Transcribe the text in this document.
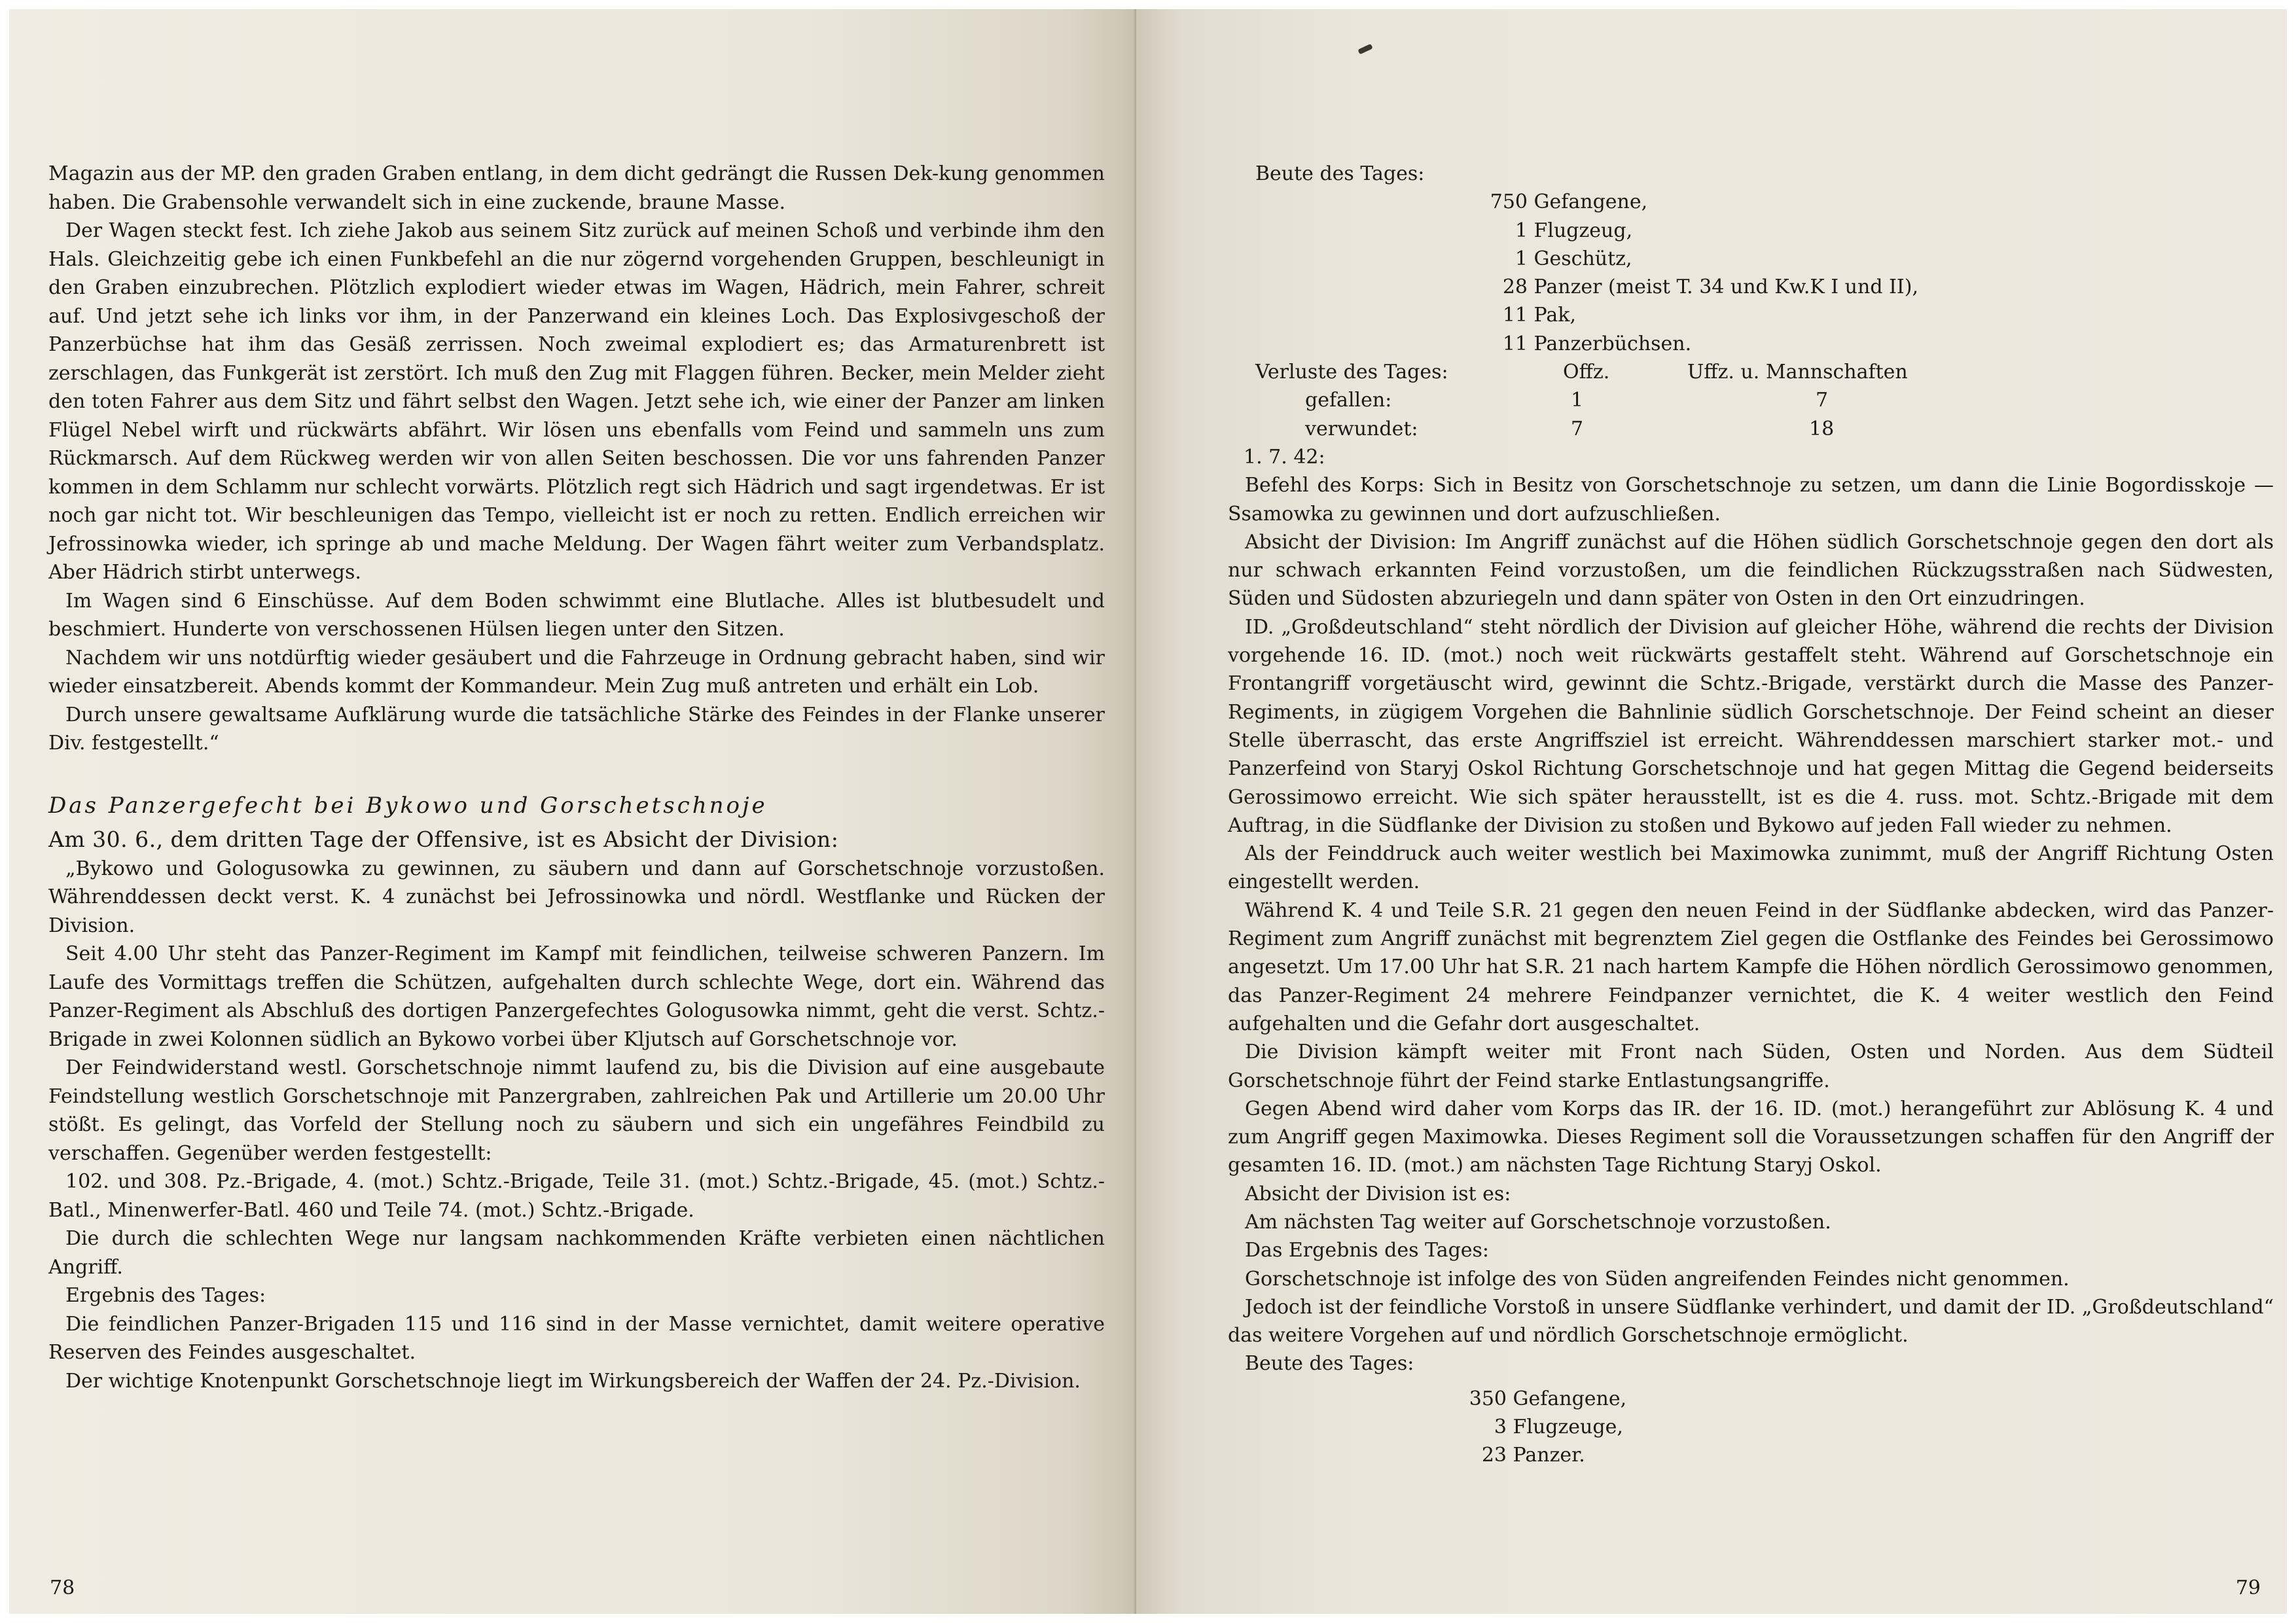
Magazin aus der MP. den graden Graben entlang, in dem dicht gedrängt die Russen Dek-kung genommen haben. Die Grabensohle verwandelt sich in eine zuckende, braune Masse.

Der Wagen steckt fest. Ich ziehe Jakob aus seinem Sitz zurück auf meinen Schoß und verbinde ihm den Hals. Gleichzeitig gebe ich einen Funkbefehl an die nur zögernd vorgehenden Gruppen, beschleunigt in den Graben einzubrechen. Plötzlich explodiert wieder etwas im Wagen, Hädrich, mein Fahrer, schreit auf. Und jetzt sehe ich links vor ihm, in der Panzerwand ein kleines Loch. Das Explosivgeschoß der Panzerbüchse hat ihm das Gesäß zerrissen. Noch zweimal explodiert es; das Armaturenbrett ist zerschlagen, das Funkgerät ist zerstört. Ich muß den Zug mit Flaggen führen. Becker, mein Melder zieht den toten Fahrer aus dem Sitz und fährt selbst den Wagen. Jetzt sehe ich, wie einer der Panzer am linken Flügel Nebel wirft und rückwärts abfährt. Wir lösen uns ebenfalls vom Feind und sammeln uns zum Rückmarsch. Auf dem Rückweg werden wir von allen Seiten beschossen. Die vor uns fahrenden Panzer kommen in dem Schlamm nur schlecht vorwärts. Plötzlich regt sich Hädrich und sagt irgendetwas. Er ist noch gar nicht tot. Wir beschleunigen das Tempo, vielleicht ist er noch zu retten. Endlich erreichen wir Jefrossinowka wieder, ich springe ab und mache Meldung. Der Wagen fährt weiter zum Verbandsplatz. Aber Hädrich stirbt unterwegs.

Im Wagen sind 6 Einschüsse. Auf dem Boden schwimmt eine Blutlache. Alles ist blutbesudelt und beschmiert. Hunderte von verschossenen Hülsen liegen unter den Sitzen.

Nachdem wir uns notdürftig wieder gesäubert und die Fahrzeuge in Ordnung gebracht haben, sind wir wieder einsatzbereit. Abends kommt der Kommandeur. Mein Zug muß antreten und erhält ein Lob.

Durch unsere gewaltsame Aufklärung wurde die tatsächliche Stärke des Feindes in der Flanke unserer Div. festgestellt.“

Das Panzergefecht bei Bykowo und Gorschetschnoje

Am 30. 6., dem dritten Tage der Offensive, ist es Absicht der Division:

„Bykowo und Gologusowka zu gewinnen, zu säubern und dann auf Gorschetschnoje vorzustoßen. Währenddessen deckt verst. K. 4 zunächst bei Jefrossinowka und nördl. Westflanke und Rücken der Division.

Seit 4.00 Uhr steht das Panzer-Regiment im Kampf mit feindlichen, teilweise schweren Panzern. Im Laufe des Vormittags treffen die Schützen, aufgehalten durch schlechte Wege, dort ein. Während das Panzer-Regiment als Abschluß des dortigen Panzergefechtes Gologusowka nimmt, geht die verst. Schtz.-Brigade in zwei Kolonnen südlich an Bykowo vorbei über Kljutsch auf Gorschetschnoje vor.

Der Feindwiderstand westl. Gorschetschnoje nimmt laufend zu, bis die Division auf eine ausgebaute Feindstellung westlich Gorschetschnoje mit Panzergraben, zahlreichen Pak und Artillerie um 20.00 Uhr stößt. Es gelingt, das Vorfeld der Stellung noch zu säubern und sich ein ungefähres Feindbild zu verschaffen. Gegenüber werden festgestellt:

102. und 308. Pz.-Brigade, 4. (mot.) Schtz.-Brigade, Teile 31. (mot.) Schtz.-Brigade, 45. (mot.) Schtz.-Batl., Minenwerfer-Batl. 460 und Teile 74. (mot.) Schtz.-Brigade.

Die durch die schlechten Wege nur langsam nachkommenden Kräfte verbieten einen nächtlichen Angriff.

Ergebnis des Tages:

Die feindlichen Panzer-Brigaden 115 und 116 sind in der Masse vernichtet, damit weitere operative Reserven des Feindes ausgeschaltet.

Der wichtige Knotenpunkt Gorschetschnoje liegt im Wirkungsbereich der Waffen der 24. Pz.-Division.

78

Beute des Tages:

750
Gefangene,
1
Flugzeug,
1
Geschütz,
28
Panzer (meist T. 34 und Kw.K I und II),
11
Pak,
11
Panzerbüchsen.
Verluste des Tages:	Offz.	Uffz. u. Mannschaften
gefallen:	1	7
verwundet:	7	18

1. 7. 42:

Befehl des Korps: Sich in Besitz von Gorschetschnoje zu setzen, um dann die Linie Bogordisskoje — Ssamowka zu gewinnen und dort aufzuschließen.

Absicht der Division: Im Angriff zunächst auf die Höhen südlich Gorschetschnoje gegen den dort als nur schwach erkannten Feind vorzustoßen, um die feindlichen Rückzugsstraßen nach Südwesten, Süden und Südosten abzuriegeln und dann später von Osten in den Ort einzudringen.

ID. „Großdeutschland“ steht nördlich der Division auf gleicher Höhe, während die rechts der Division vorgehende 16. ID. (mot.) noch weit rückwärts gestaffelt steht. Während auf Gorschetschnoje ein Frontangriff vorgetäuscht wird, gewinnt die Schtz.-Brigade, verstärkt durch die Masse des Panzer-Regiments, in zügigem Vorgehen die Bahnlinie südlich Gorschetschnoje. Der Feind scheint an dieser Stelle überrascht, das erste Angriffsziel ist erreicht. Währenddessen marschiert starker mot.- und Panzerfeind von Staryj Oskol Richtung Gorschetschnoje und hat gegen Mittag die Gegend beiderseits Gerossimowo erreicht. Wie sich später herausstellt, ist es die 4. russ. mot. Schtz.-Brigade mit dem Auftrag, in die Südflanke der Division zu stoßen und Bykowo auf jeden Fall wieder zu nehmen.

Als der Feinddruck auch weiter westlich bei Maximowka zunimmt, muß der Angriff Richtung Osten eingestellt werden.

Während K. 4 und Teile S.R. 21 gegen den neuen Feind in der Südflanke abdecken, wird das Panzer-Regiment zum Angriff zunächst mit begrenztem Ziel gegen die Ostflanke des Feindes bei Gerossimowo angesetzt. Um 17.00 Uhr hat S.R. 21 nach hartem Kampfe die Höhen nördlich Gerossimowo genommen, das Panzer-Regiment 24 mehrere Feindpanzer vernichtet, die K. 4 weiter westlich den Feind aufgehalten und die Gefahr dort ausgeschaltet.

Die Division kämpft weiter mit Front nach Süden, Osten und Norden. Aus dem Südteil Gorschetschnoje führt der Feind starke Entlastungsangriffe.

Gegen Abend wird daher vom Korps das IR. der 16. ID. (mot.) herangeführt zur Ablösung K. 4 und zum Angriff gegen Maximowka. Dieses Regiment soll die Voraussetzungen schaffen für den Angriff der gesamten 16. ID. (mot.) am nächsten Tage Richtung Staryj Oskol.

Absicht der Division ist es:

Am nächsten Tag weiter auf Gorschetschnoje vorzustoßen.

Das Ergebnis des Tages:

Gorschetschnoje ist infolge des von Süden angreifenden Feindes nicht genommen.

Jedoch ist der feindliche Vorstoß in unsere Südflanke verhindert, und damit der ID. „Großdeutschland“ das weitere Vorgehen auf und nördlich Gorschetschnoje ermöglicht.

Beute des Tages:

350
Gefangene,
3
Flugzeuge,
23
Panzer.
79
